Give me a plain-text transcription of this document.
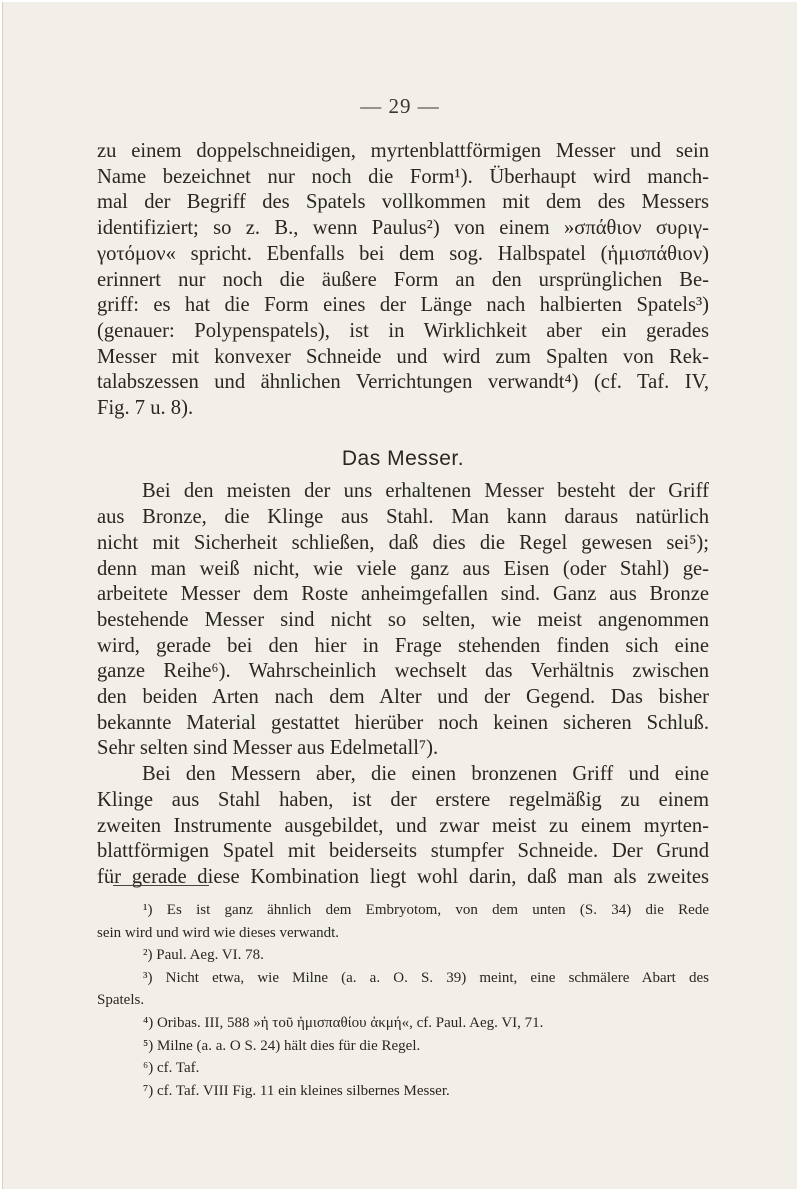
— 29 —
zu einem doppelschneidigen, myrtenblattförmigen Messer und sein
Name bezeichnet nur noch die Form¹). Überhaupt wird manch-
mal der Begriff des Spatels vollkommen mit dem des Messers
identifiziert; so z. B., wenn Paulus²) von einem »σπάθιον συριγ-
γοτόμον« spricht. Ebenfalls bei dem sog. Halbspatel (ἡμισπάθιον)
erinnert nur noch die äußere Form an den ursprünglichen Be-
griff: es hat die Form eines der Länge nach halbierten Spatels³)
(genauer: Polypenspatels), ist in Wirklichkeit aber ein gerades
Messer mit konvexer Schneide und wird zum Spalten von Rek-
talabszessen und ähnlichen Verrichtungen verwandt⁴) (cf. Taf. IV,
Fig. 7 u. 8).
Das Messer.
Bei den meisten der uns erhaltenen Messer besteht der Griff
aus Bronze, die Klinge aus Stahl. Man kann daraus natürlich
nicht mit Sicherheit schließen, daß dies die Regel gewesen sei⁵);
denn man weiß nicht, wie viele ganz aus Eisen (oder Stahl) ge-
arbeitete Messer dem Roste anheimgefallen sind. Ganz aus Bronze
bestehende Messer sind nicht so selten, wie meist angenommen
wird, gerade bei den hier in Frage stehenden finden sich eine
ganze Reihe⁶). Wahrscheinlich wechselt das Verhältnis zwischen
den beiden Arten nach dem Alter und der Gegend. Das bisher
bekannte Material gestattet hierüber noch keinen sicheren Schluß.
Sehr selten sind Messer aus Edelmetall⁷).
Bei den Messern aber, die einen bronzenen Griff und eine
Klinge aus Stahl haben, ist der erstere regelmäßig zu einem
zweiten Instrumente ausgebildet, und zwar meist zu einem myrten-
blattförmigen Spatel mit beiderseits stumpfer Schneide. Der Grund
für gerade diese Kombination liegt wohl darin, daß man als zweites
¹) Es ist ganz ähnlich dem Embryotom, von dem unten (S. 34) die Rede
sein wird und wird wie dieses verwandt.
²) Paul. Aeg. VI. 78.
³) Nicht etwa, wie Milne (a. a. O. S. 39) meint, eine schmälere Abart des
Spatels.
⁴) Oribas. III, 588 »ἡ τοῦ ἡμισπαθίου ἀκμή«, cf. Paul. Aeg. VI, 71.
⁵) Milne (a. a. O S. 24) hält dies für die Regel.
⁶) cf. Taf.
⁷) cf. Taf. VIII Fig. 11 ein kleines silbernes Messer.
